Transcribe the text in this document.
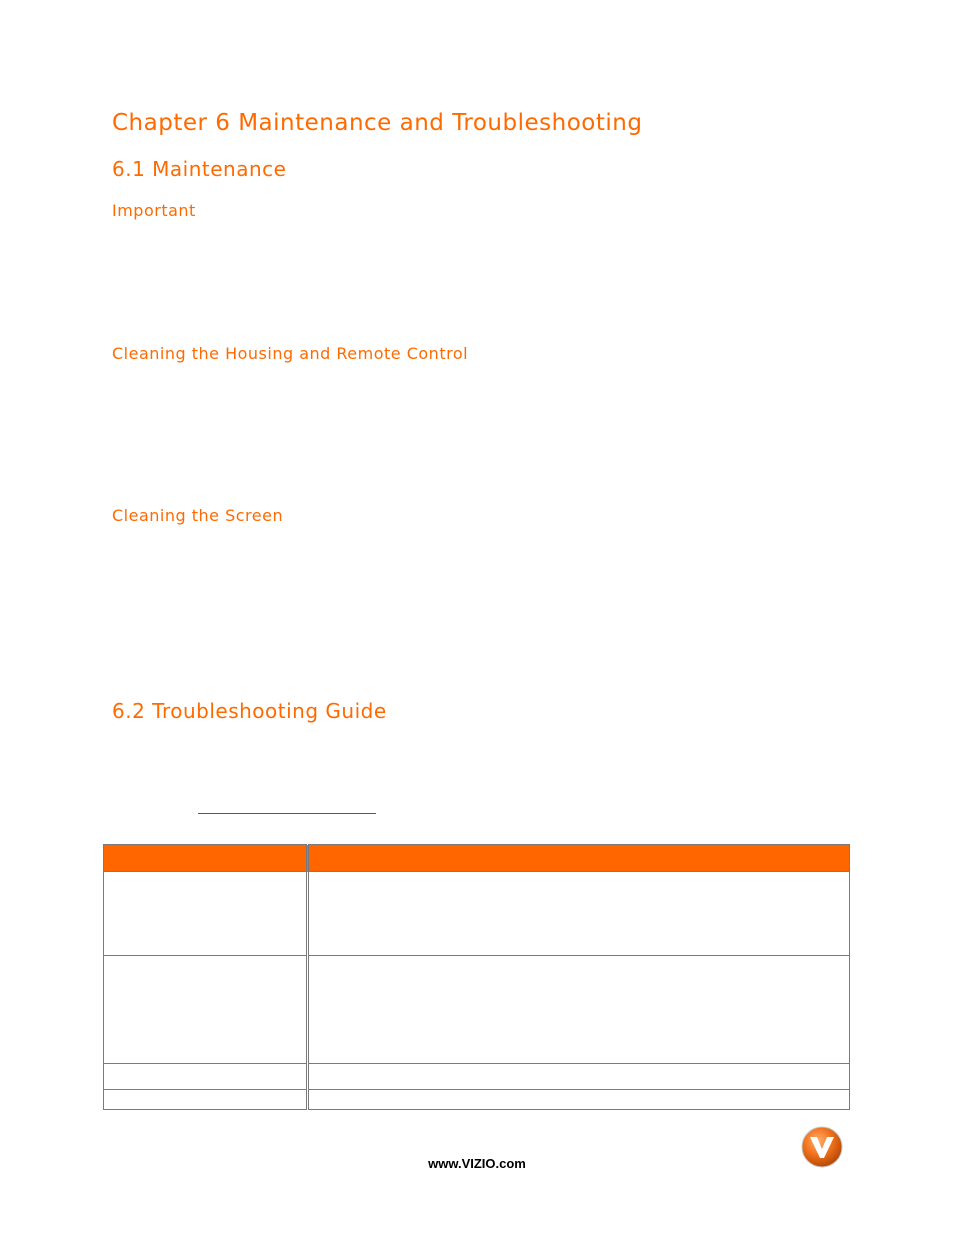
Chapter 6 Maintenance and Troubleshooting
6.1 Maintenance
Important
Cleaning the Housing and Remote Control
Cleaning the Screen
6.2 Troubleshooting Guide

www.VIZIO.com
